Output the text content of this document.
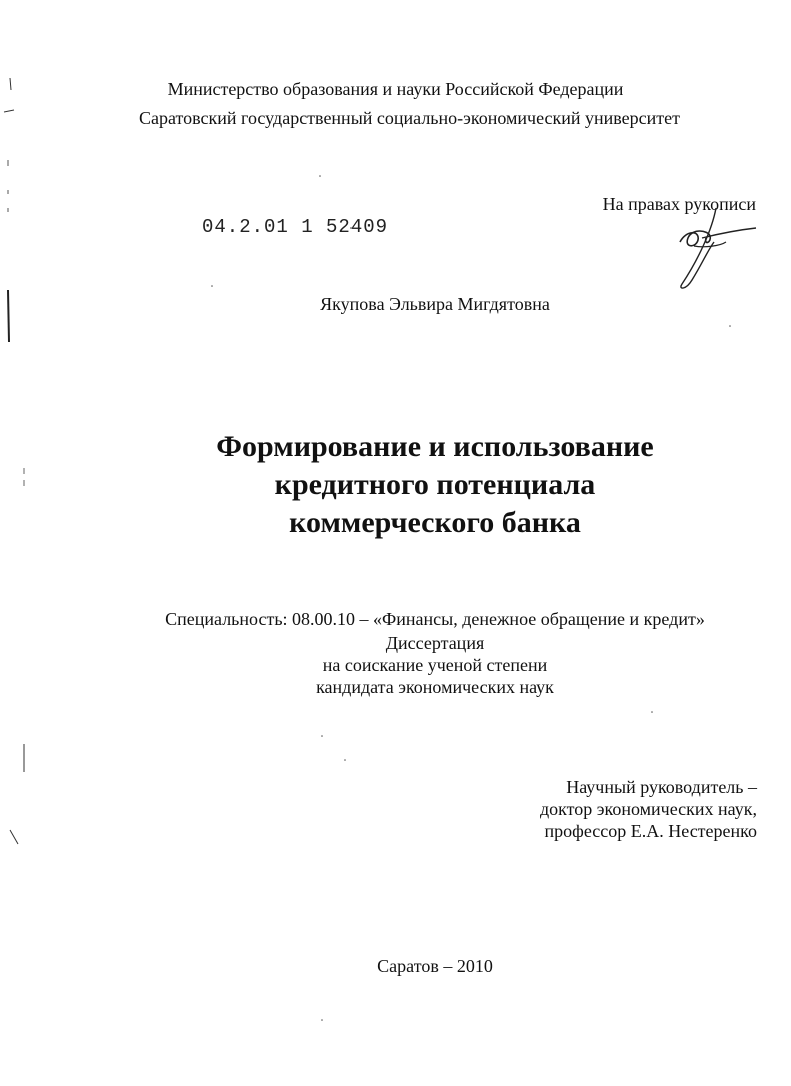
Министерство образования и науки Российской Федерации
Саратовский государственный социально-экономический университет
04.2.01 1 52409
На правах рукописи
Якупова Эльвира Мигдятовна
Формирование и использование
кредитного потенциала
коммерческого банка
Специальность: 08.00.10 – «Финансы, денежное обращение и кредит»
Диссертация
на соискание ученой степени
кандидата экономических наук
Научный руководитель –
доктор экономических наук,
профессор Е.А. Нестеренко
Саратов – 2010
